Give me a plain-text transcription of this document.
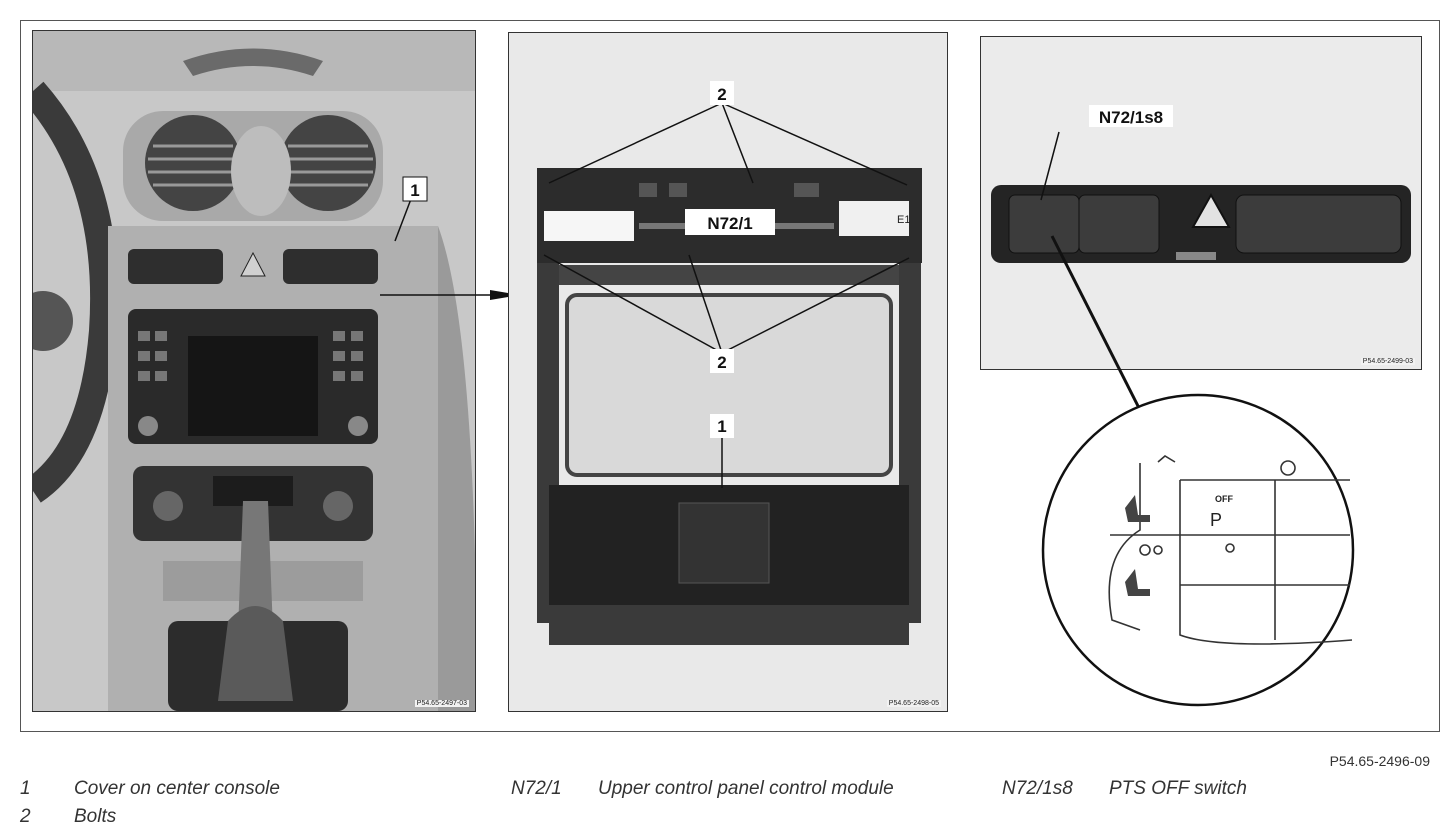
1
P54.65-2497-03
E1
2
N72/1
2
1
P54.65-2498-05
N72/1s8
P54.65-2499-03
OFF
P
P54.65-2496-09
1 Cover on center console
2 Bolts
N72/1 Upper control panel control module	N72/1s8 PTS OFF switch
